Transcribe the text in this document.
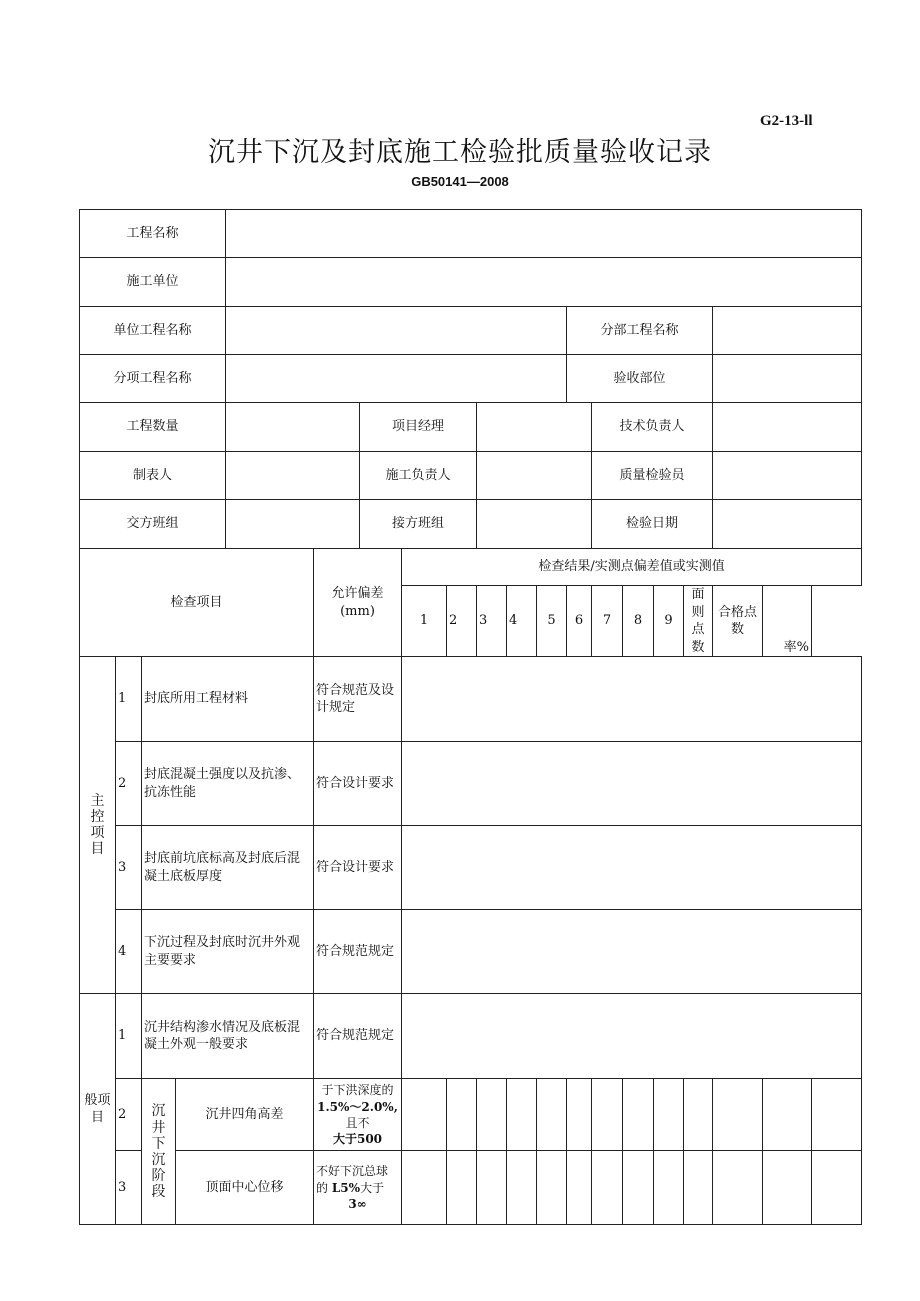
G2-13-ll
沉井下沉及封底施工检验批质量验收记录
GB50141—2008
工程名称																			
施工单位																			
单位工程名称												分部工程名称							
分项工程名称												验收部位							
工程数量						项目经理							技术负责人						
制表人						施工负责人							质量检验员						
交方班组						接方班组							检验日期						
检查项目					允许偏差(mm)		检查结果/实测点偏差值或实测值												
							1	2	3	4	5	6	7	8	9	面则点数	合格点数	率%	
主控项目	1	封底所用工程材料			符合规范及设计规定														
	2	封底混凝土强度以及抗渗、抗冻性能			符合设计要求														
	3	封底前坑底标高及封底后混凝土底板厚度			符合设计要求														
	4	下沉过程及封底时沉井外观主要要求			符合规范规定														
般项目	1	沉井结构渗水情况及底板混凝土外观一般要求			符合规范规定														
	2	沉井下沉阶段	沉井四角高差		于下洪深度的
1.5%～2.0%,且不
大于500														

	3		顶面中心位移		不好下沉总球
的 L5%大于
3∞														
